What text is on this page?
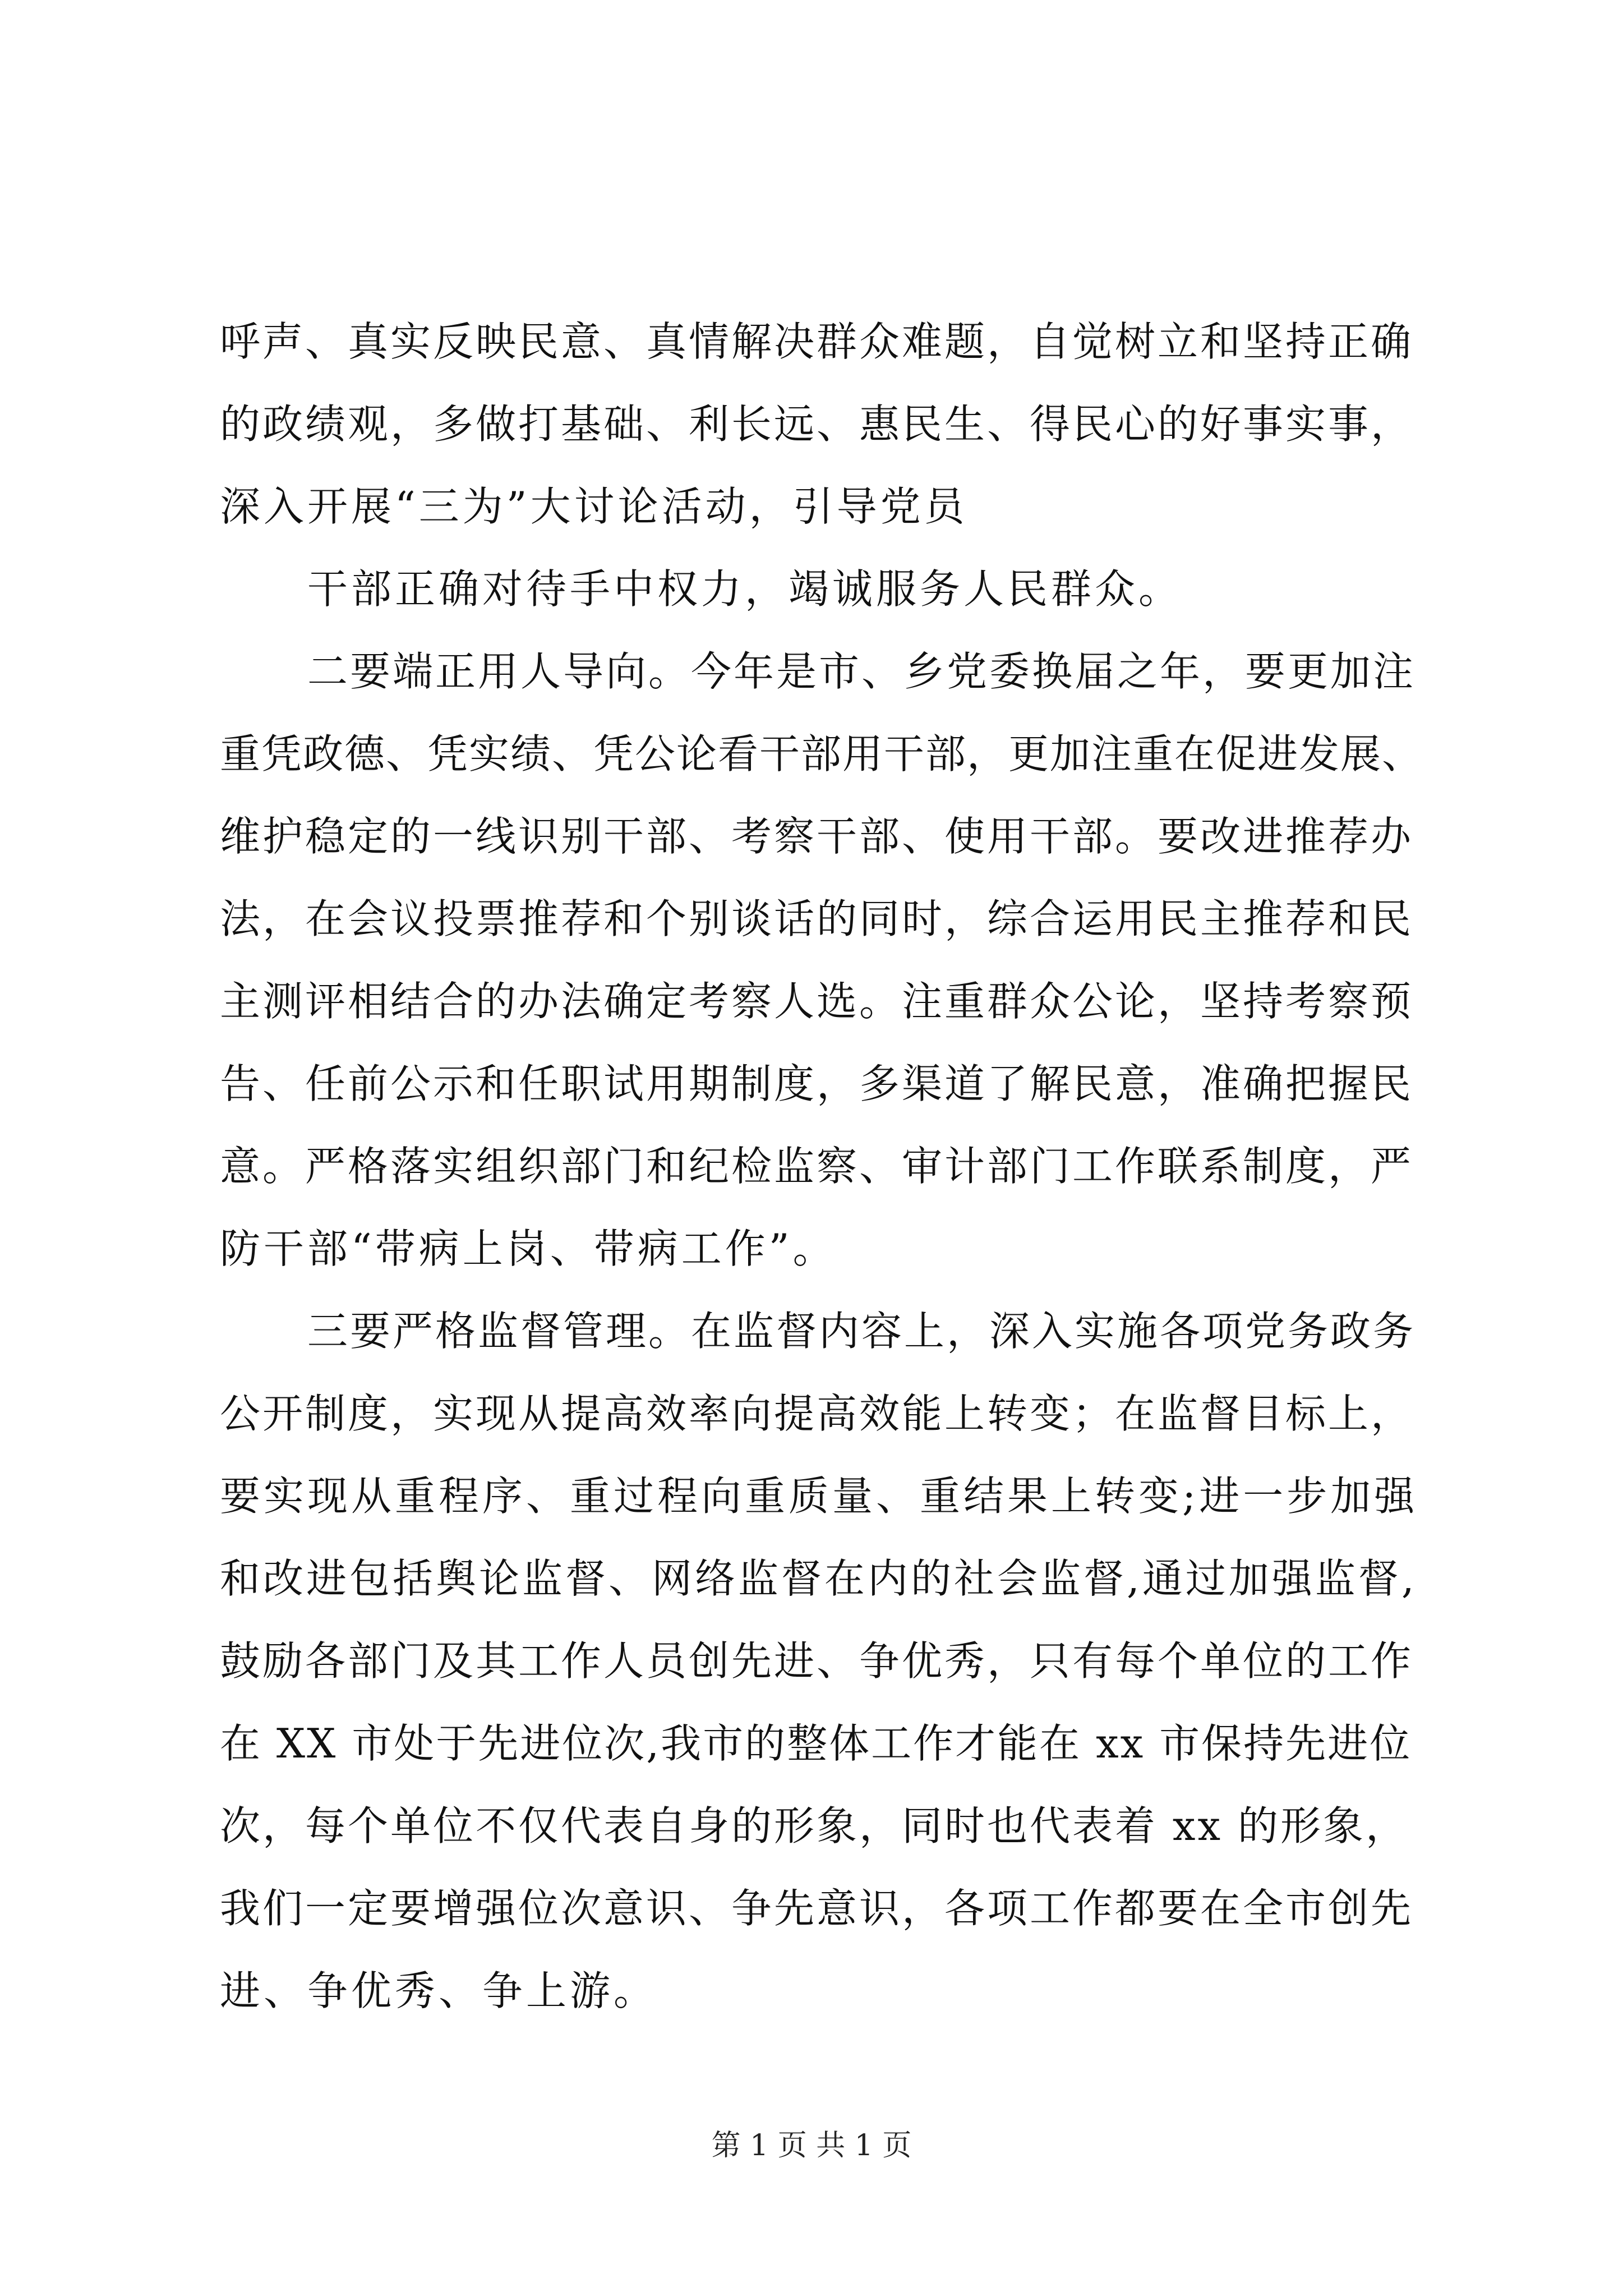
呼声、真实反映民意、真情解决群众难题，自觉树立和坚持正确
的政绩观，多做打基础、利长远、惠民生、得民心的好事实事，
深入开展“三为”大讨论活动，引导党员
干部正确对待手中权力，竭诚服务人民群众。
二要端正用人导向。今年是市、乡党委换届之年，要更加注
重凭政德、凭实绩、凭公论看干部用干部，更加注重在促进发展、
维护稳定的一线识别干部、考察干部、使用干部。要改进推荐办
法，在会议投票推荐和个别谈话的同时，综合运用民主推荐和民
主测评相结合的办法确定考察人选。注重群众公论，坚持考察预
告、任前公示和任职试用期制度，多渠道了解民意，准确把握民
意。严格落实组织部门和纪检监察、审计部门工作联系制度，严
防干部“带病上岗、带病工作”。
三要严格监督管理。在监督内容上，深入实施各项党务政务
公开制度，实现从提高效率向提高效能上转变；在监督目标上，
要实现从重程序、重过程向重质量、重结果上转变;进一步加强
和改进包括舆论监督、网络监督在内的社会监督,通过加强监督,
鼓励各部门及其工作人员创先进、争优秀，只有每个单位的工作
在 XX 市处于先进位次,我市的整体工作才能在 xx 市保持先进位
次，每个单位不仅代表自身的形象，同时也代表着 xx 的形象，
我们一定要增强位次意识、争先意识，各项工作都要在全市创先
进、争优秀、争上游。
第 1 页 共 1 页
